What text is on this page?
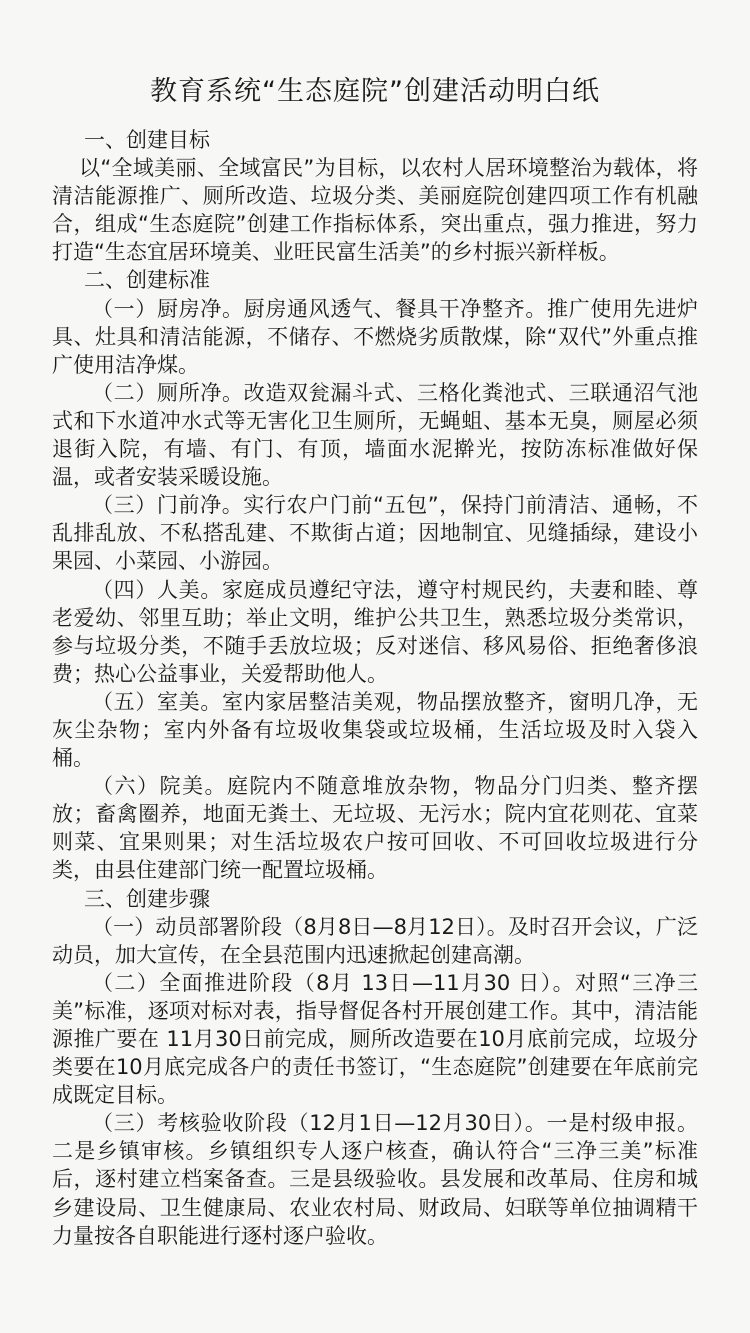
教育系统“生态庭院”创建活动明白纸

一、创建目标

以“全域美丽、全域富民”为目标，以农村人居环境整治为载体，将清洁能源推广、厕所改造、垃圾分类、美丽庭院创建四项工作有机融合，组成“生态庭院”创建工作指标体系，突出重点，强力推进，努力打造“生态宜居环境美、业旺民富生活美”的乡村振兴新样板。

二、创建标准

（一）厨房净。厨房通风透气、餐具干净整齐。推广使用先进炉具、灶具和清洁能源，不储存、不燃烧劣质散煤，除“双代”外重点推广使用洁净煤。

（二）厕所净。改造双瓮漏斗式、三格化粪池式、三联通沼气池式和下水道冲水式等无害化卫生厕所，无蝇蛆、基本无臭，厕屋必须退街入院，有墙、有门、有顶，墙面水泥擀光，按防冻标准做好保温，或者安装采暖设施。

（三）门前净。实行农户门前“五包”，保持门前清洁、通畅，不乱排乱放、不私搭乱建、不欺街占道；因地制宜、见缝插绿，建设小果园、小菜园、小游园。

（四）人美。家庭成员遵纪守法，遵守村规民约，夫妻和睦、尊老爱幼、邻里互助；举止文明，维护公共卫生，熟悉垃圾分类常识，参与垃圾分类，不随手丢放垃圾；反对迷信、移风易俗、拒绝奢侈浪费；热心公益事业，关爱帮助他人。

（五）室美。室内家居整洁美观，物品摆放整齐，窗明几净，无灰尘杂物；室内外备有垃圾收集袋或垃圾桶，生活垃圾及时入袋入桶。

（六）院美。庭院内不随意堆放杂物，物品分门归类、整齐摆放；畜禽圈养，地面无粪土、无垃圾、无污水；院内宜花则花、宜菜则菜、宜果则果；对生活垃圾农户按可回收、不可回收垃圾进行分类，由县住建部门统一配置垃圾桶。

三、创建步骤

（一）动员部署阶段（8月8日—8月12日）。及时召开会议，广泛动员，加大宣传，在全县范围内迅速掀起创建高潮。

（二）全面推进阶段（8月 13日—11月30 日）。对照“三净三美”标准，逐项对标对表，指导督促各村开展创建工作。其中，清洁能源推广要在 11月30日前完成，厕所改造要在10月底前完成，垃圾分类要在10月底完成各户的责任书签订，“生态庭院”创建要在年底前完成既定目标。

（三）考核验收阶段（12月1日—12月30日）。一是村级申报。二是乡镇审核。乡镇组织专人逐户核查，确认符合“三净三美”标准后，逐村建立档案备查。三是县级验收。县发展和改革局、住房和城乡建设局、卫生健康局、农业农村局、财政局、妇联等单位抽调精干力量按各自职能进行逐村逐户验收。
